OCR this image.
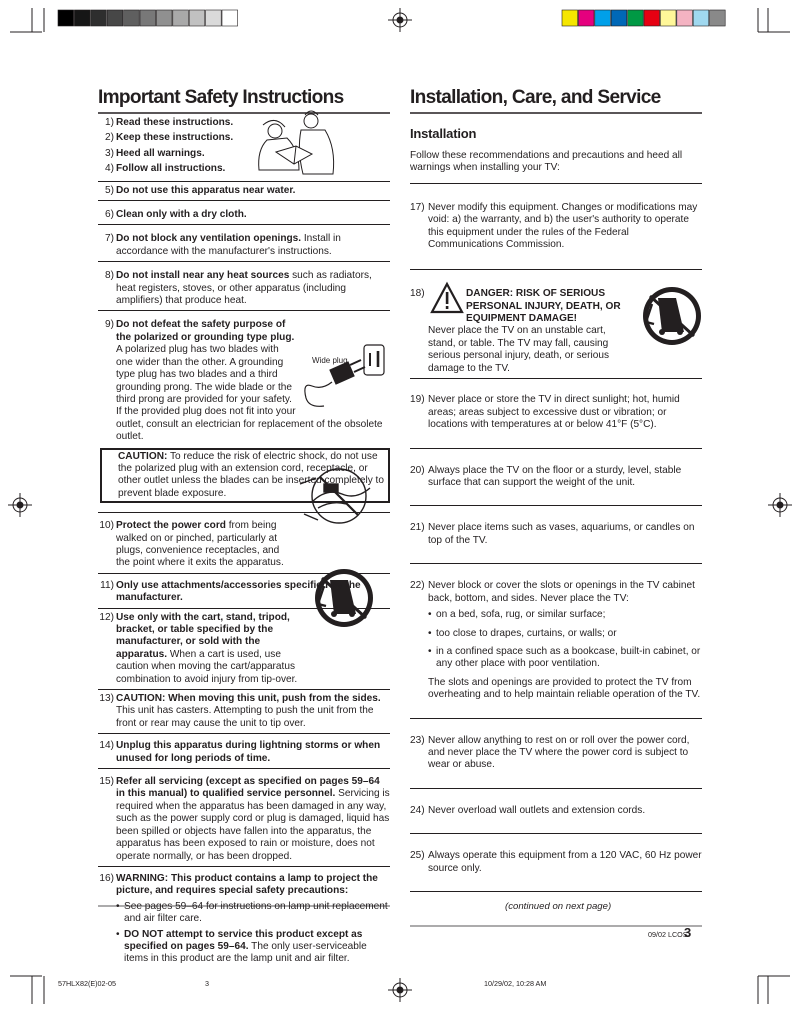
Important Safety Instructions	Installation, Care, and Service
1) Read these instructions.
2) Keep these instructions.
3) Heed all warnings.
4) Follow all instructions.
5) Do not use this apparatus near water.
6) Clean only with a dry cloth.
7) Do not block any ventilation openings. Install in accordance with the manufacturer's instructions.
8) Do not install near any heat sources such as radiators, heat registers, stoves, or other apparatus (including amplifiers) that produce heat.
9)
Wide plug
Do not defeat the safety purpose of the polarized or grounding type plug. A polarized plug has two blades with one wider than the other. A grounding type plug has two blades and a third grounding prong. The wide blade or the third prong are provided for your safety. If the provided plug does not fit into your outlet, consult an electrician for replacement of the obsolete outlet.
CAUTION: To reduce the risk of electric shock, do not use the polarized plug with an extension cord, receptacle, or other outlet unless the blades can be inserted completely to prevent blade exposure.
10) Protect the power cord from being walked on or pinched, particularly at plugs, convenience receptacles, and the point where it exits the apparatus.
11) Only use attachments/accessories specified by the manufacturer.
12) Use only with the cart, stand, tripod, bracket, or table specified by the manufacturer, or sold with the apparatus. When a cart is used, use caution when moving the cart/apparatus combination to avoid injury from tip-over.
13) CAUTION: When moving this unit, push from the sides. This unit has casters. Attempting to push the unit from the front or rear may cause the unit to tip over.
14) Unplug this apparatus during lightning storms or when unused for long periods of time.
15) Refer all servicing (except as specified on pages 59–64 in this manual) to qualified service personnel. Servicing is required when the apparatus has been damaged in any way, such as the power supply cord or plug is damaged, liquid has been spilled or objects have fallen into the apparatus, the apparatus has been exposed to rain or moisture, does not operate normally, or has been dropped.
16) WARNING: This product contains a lamp to project the picture, and requires special safety precautions:
• See pages 59–64 for instructions on lamp unit replacement and air filter care.
• DO NOT attempt to service this product except as specified on pages 59–64. The only user-serviceable items in this product are the lamp unit and air filter.
Installation
Follow these recommendations and precautions and heed all warnings when installing your TV:
17) Never modify this equipment. Changes or modifications may void: a) the warranty, and b) the user's authority to operate this equipment under the rules of the Federal Communications Commission.
18)	DANGER: RISK OF SERIOUS PERSONAL INJURY, DEATH, OR EQUIPMENT DAMAGE!
Never place the TV on an unstable cart, stand, or table. The TV may fall, causing serious personal injury, death, or serious damage to the TV.
19) Never place or store the TV in direct sunlight; hot, humid areas; areas subject to excessive dust or vibration; or locations with temperatures at or below 41°F (5°C).
20) Always place the TV on the floor or a sturdy, level, stable surface that can support the weight of the unit.
21) Never place items such as vases, aquariums, or candles on top of the TV.
22) Never block or cover the slots or openings in the TV cabinet back, bottom, and sides. Never place the TV:
• on a bed, sofa, rug, or similar surface;
• too close to drapes, curtains, or walls; or
• in a confined space such as a bookcase, built-in cabinet, or any other place with poor ventilation.
The slots and openings are provided to protect the TV from overheating and to help maintain reliable operation of the TV.
23) Never allow anything to rest on or roll over the power cord, and never place the TV where the power cord is subject to wear or abuse.
24) Never overload wall outlets and extension cords.
25) Always operate this equipment from a 120 VAC, 60 Hz power source only.
(continued on next page)
09/02 LCOS
3
57HLX82(E)02-05	3	10/29/02, 10:28 AM
